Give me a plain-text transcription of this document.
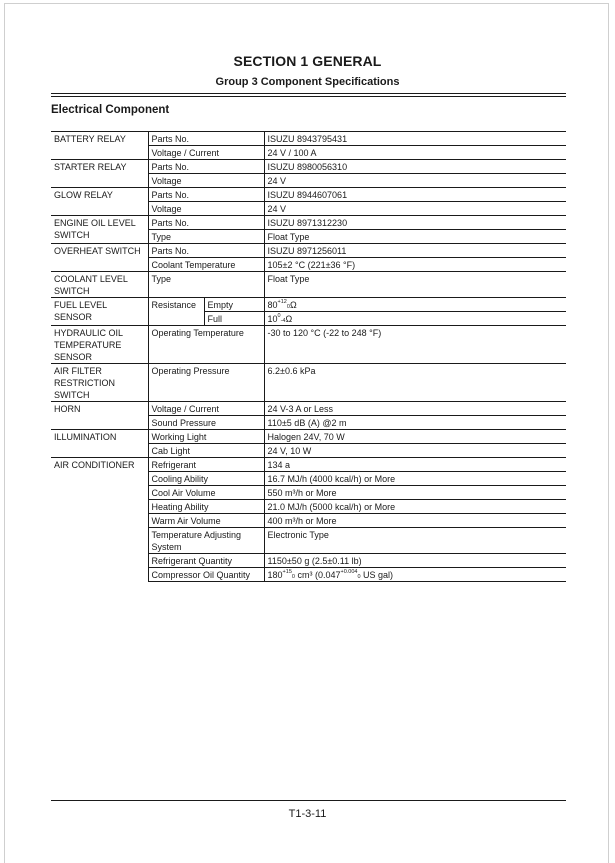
SECTION 1 GENERAL
Group 3 Component Specifications
Electrical Component
BATTERY RELAY	Parts No.		ISUZU 8943795431
	Voltage / Current		24 V / 100 A
STARTER RELAY	Parts No.		ISUZU 8980056310
	Voltage		24 V
GLOW RELAY	Parts No.		ISUZU 8944607061
	Voltage		24 V
ENGINE OIL LEVEL SWITCH	Parts No.		ISUZU 8971312230
	Type		Float Type
OVERHEAT SWITCH	Parts No.		ISUZU 8971256011
	Coolant Temperature		105±2 °C (221±36 °F)
COOLANT LEVEL SWITCH	Type		Float Type
FUEL LEVEL SENSOR	Resistance	Empty	$80^{+12}_0\Omega$
		Full	$10^0_{-4}\Omega$
HYDRAULIC OIL TEMPERATURE SENSOR	Operating Temperature		-30 to 120 °C (-22 to 248 °F)
AIR FILTER RESTRICTION SWITCH	Operating Pressure		6.2±0.6 kPa
HORN	Voltage / Current		24 V-3 A or Less
	Sound Pressure		110±5 dB (A) @2 m
ILLUMINATION	Working Light		Halogen 24V, 70 W
	Cab Light		24 V, 10 W
AIR CONDITIONER	Refrigerant		134 a
	Cooling Ability		16.7 MJ/h (4000 kcal/h) or More
	Cool Air Volume		550 m³/h or More
	Heating Ability		21.0 MJ/h (5000 kcal/h) or More
	Warm Air Volume		400 m³/h or More
	Temperature Adjusting System		Electronic Type
	Refrigerant Quantity		1150±50 g (2.5±0.11 lb)
	Compressor Oil Quantity		$180^{+15}_0$ cm³ ($0.047^{+0.004}_0$ US gal)
T1-3-11
